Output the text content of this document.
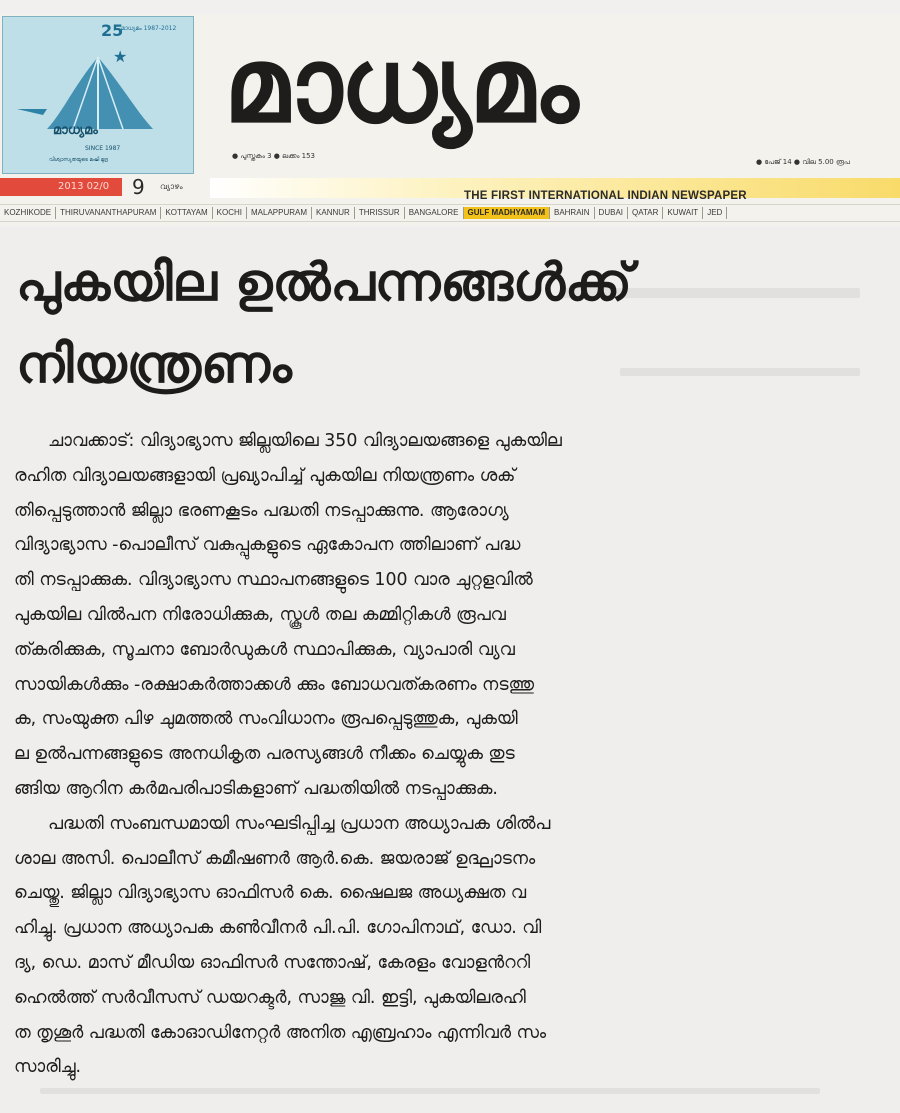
25
മാധ്യമം 1987-2012
★
മാധ്യമം
SINCE 1987
വിശ്വാസ്യതയുടെ മഷി മുദ്ര
മാധ്യമം
● പുസ്തകം 3 ● ലക്കം 153
● പേജ് 14 ● വില 5.00 രൂപ
2013 02/0	9 വ്യാഴം
THE FIRST INTERNATIONAL INDIAN NEWSPAPER
KOZHIKODE	THIRUVANANTHAPURAM	KOTTAYAM	KOCHI	MALAPPURAM	KANNUR	THRISSUR	BANGALORE	GULF MADHYAMAM	BAHRAIN	DUBAI	QATAR	KUWAIT	JED
പുകയില ഉൽപന്നങ്ങൾക്ക്
നിയന്ത്രണം
ചാവക്കാട്: വിദ്യാഭ്യാസ ജില്ലയിലെ 350 വിദ്യാലയങ്ങളെ പുകയില
രഹിത വിദ്യാലയങ്ങളായി പ്രഖ്യാപിച്ച് പുകയില നിയന്ത്രണം ശക്
തിപ്പെടുത്താൻ ജില്ലാ ഭരണകൂടം പദ്ധതി നടപ്പാക്കുന്നു. ആരോഗ്യ
വിദ്യാഭ്യാസ -പൊലീസ് വകുപ്പുകളുടെ ഏകോപന ത്തിലാണ് പദ്ധ
തി നടപ്പാക്കുക. വിദ്യാഭ്യാസ സ്ഥാപനങ്ങളുടെ 100 വാര ചുറ്റളവിൽ
പുകയില വിൽപന നിരോധിക്കുക, സ്കൂൾ തല കമ്മിറ്റികൾ രൂപവ
ത്കരിക്കുക, സൂചനാ ബോർഡുകൾ സ്ഥാപിക്കുക, വ്യാപാരി വ്യവ
സായികൾക്കും -രക്ഷാകർത്താക്കൾ ക്കും ബോധവത്കരണം നടത്തു
ക, സംയുക്ത പിഴ ചുമത്തൽ സംവിധാനം രൂപപ്പെടുത്തുക, പുകയി
ല ഉൽപന്നങ്ങളുടെ അനധികൃത പരസ്യങ്ങൾ നീക്കം ചെയ്യുക തുട
ങ്ങിയ ആറിന കർമപരിപാടികളാണ് പദ്ധതിയിൽ നടപ്പാക്കുക.
പദ്ധതി സംബന്ധമായി സംഘടിപ്പിച്ച പ്രധാന അധ്യാപക ശിൽപ
ശാല അസി. പൊലീസ് കമീഷണർ ആർ.കെ. ജയരാജ് ഉദ്ഘാടനം
ചെയ്തു. ജില്ലാ വിദ്യാഭ്യാസ ഓഫിസർ കെ. ഷൈലജ അധ്യക്ഷത വ
ഹിച്ചു. പ്രധാന അധ്യാപക കൺവീനർ പി.പി. ഗോപിനാഥ്, ഡോ. വി
ദ്യ, ഡെ. മാസ് മീഡിയ ഓഫിസർ സന്തോഷ്, കേരളം വോളൻററി
ഹെൽത്ത് സർവീസസ് ഡയറക്ടർ, സാജു വി. ഇട്ടി, പുകയിലരഹി
ത തൃശൂർ പദ്ധതി കോഓഡിനേറ്റർ അനിത എബ്രഹാം എന്നിവർ സം
സാരിച്ചു.
